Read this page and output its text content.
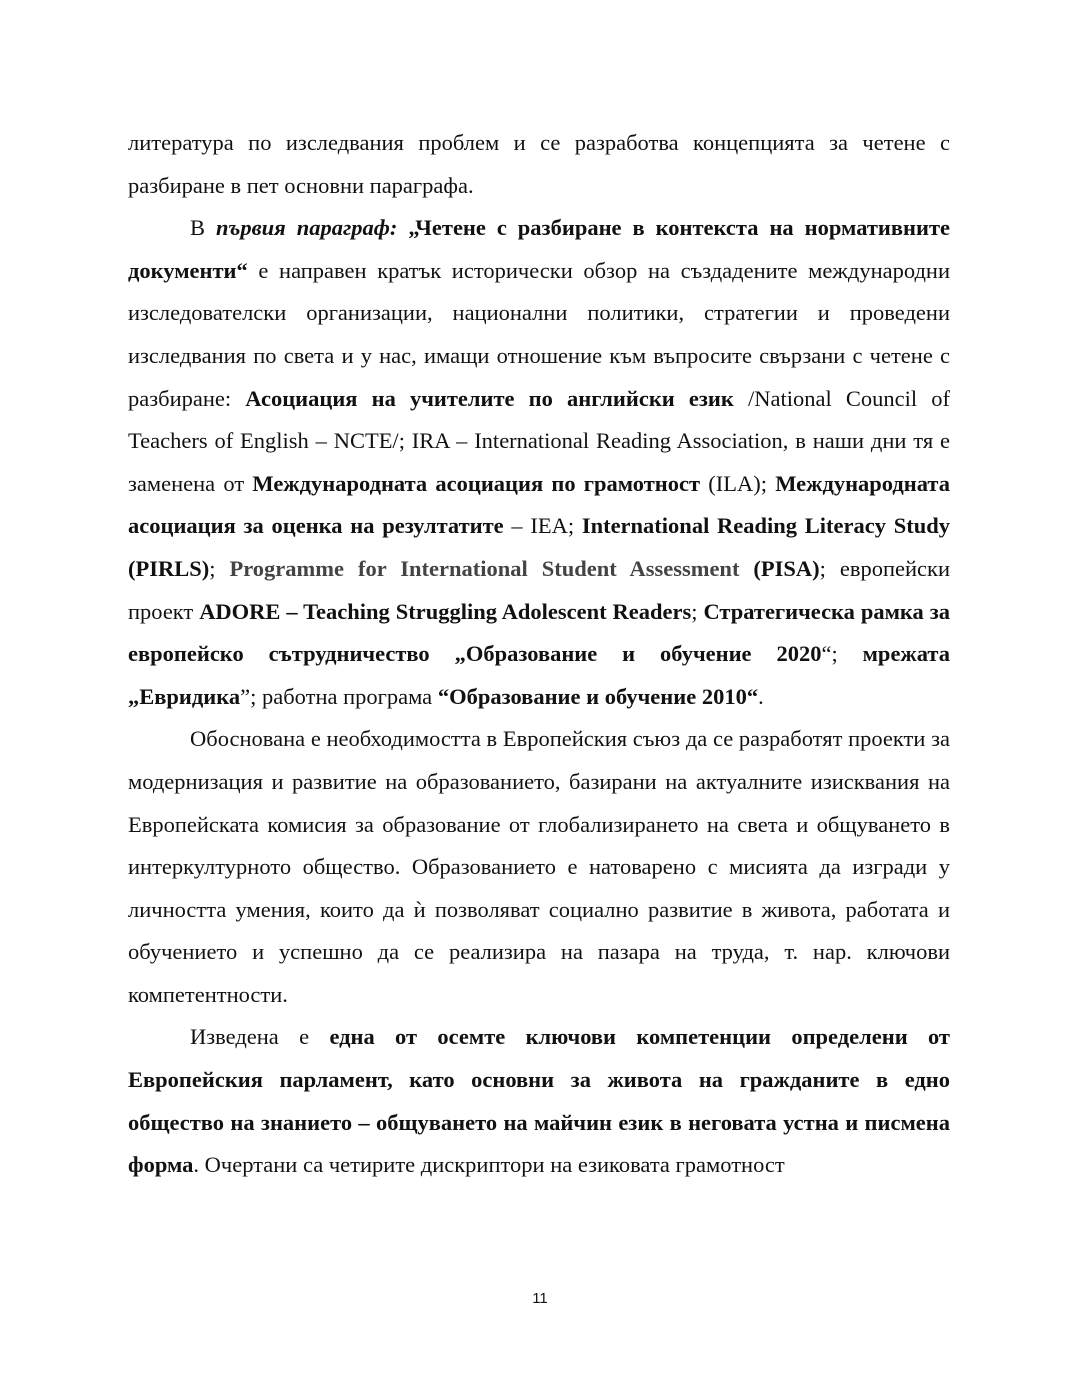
литература по изследвания проблем и се разработва концепцията за четене с разбиране в пет основни параграфа.

В първия параграф: „Четене с разбиране в контекста на нормативните документи“ е направен кратък исторически обзор на създадените международни изследователски организации, национални политики, стратегии и проведени изследвания по света и у нас, имащи отношение към въпросите свързани с четене с разбиране: Асоциация на учителите по английски език /National Council of Teachers of English – NCTE/; IRA – International Reading Association, в наши дни тя е заменена от Международната асоциация по грамотност (ILA); Международната асоциация за оценка на резултатите – IEA; International Reading Literacy Study (PIRLS); Programme for International Student Assessment (PISA); европейски проект ADORE – Teaching Struggling Adolescent Readers; Стратегическа рамка за европейско сътрудничество „Образование и обучение 2020“; мрежата „Евридика”; работна програма “Образование и обучение 2010“.

Обоснована е необходимостта в Европейския съюз да се разработят проекти за модернизация и развитие на образованието, базирани на актуалните изисквания на Европейската комисия за образование от глобализирането на света и общуването в интеркултурното общество. Образованието е натоварено с мисията да изгради у личността умения, които да ѝ позволяват социално развитие в живота, работата и обучението и успешно да се реализира на пазара на труда, т. нар. ключови компетентности.

Изведена е една от осемте ключови компетенции определени от Европейския парламент, като основни за живота на гражданите в едно общество на знанието – общуването на майчин език в неговата устна и писмена форма. Очертани са четирите дискриптори на езиковата грамотност

11
